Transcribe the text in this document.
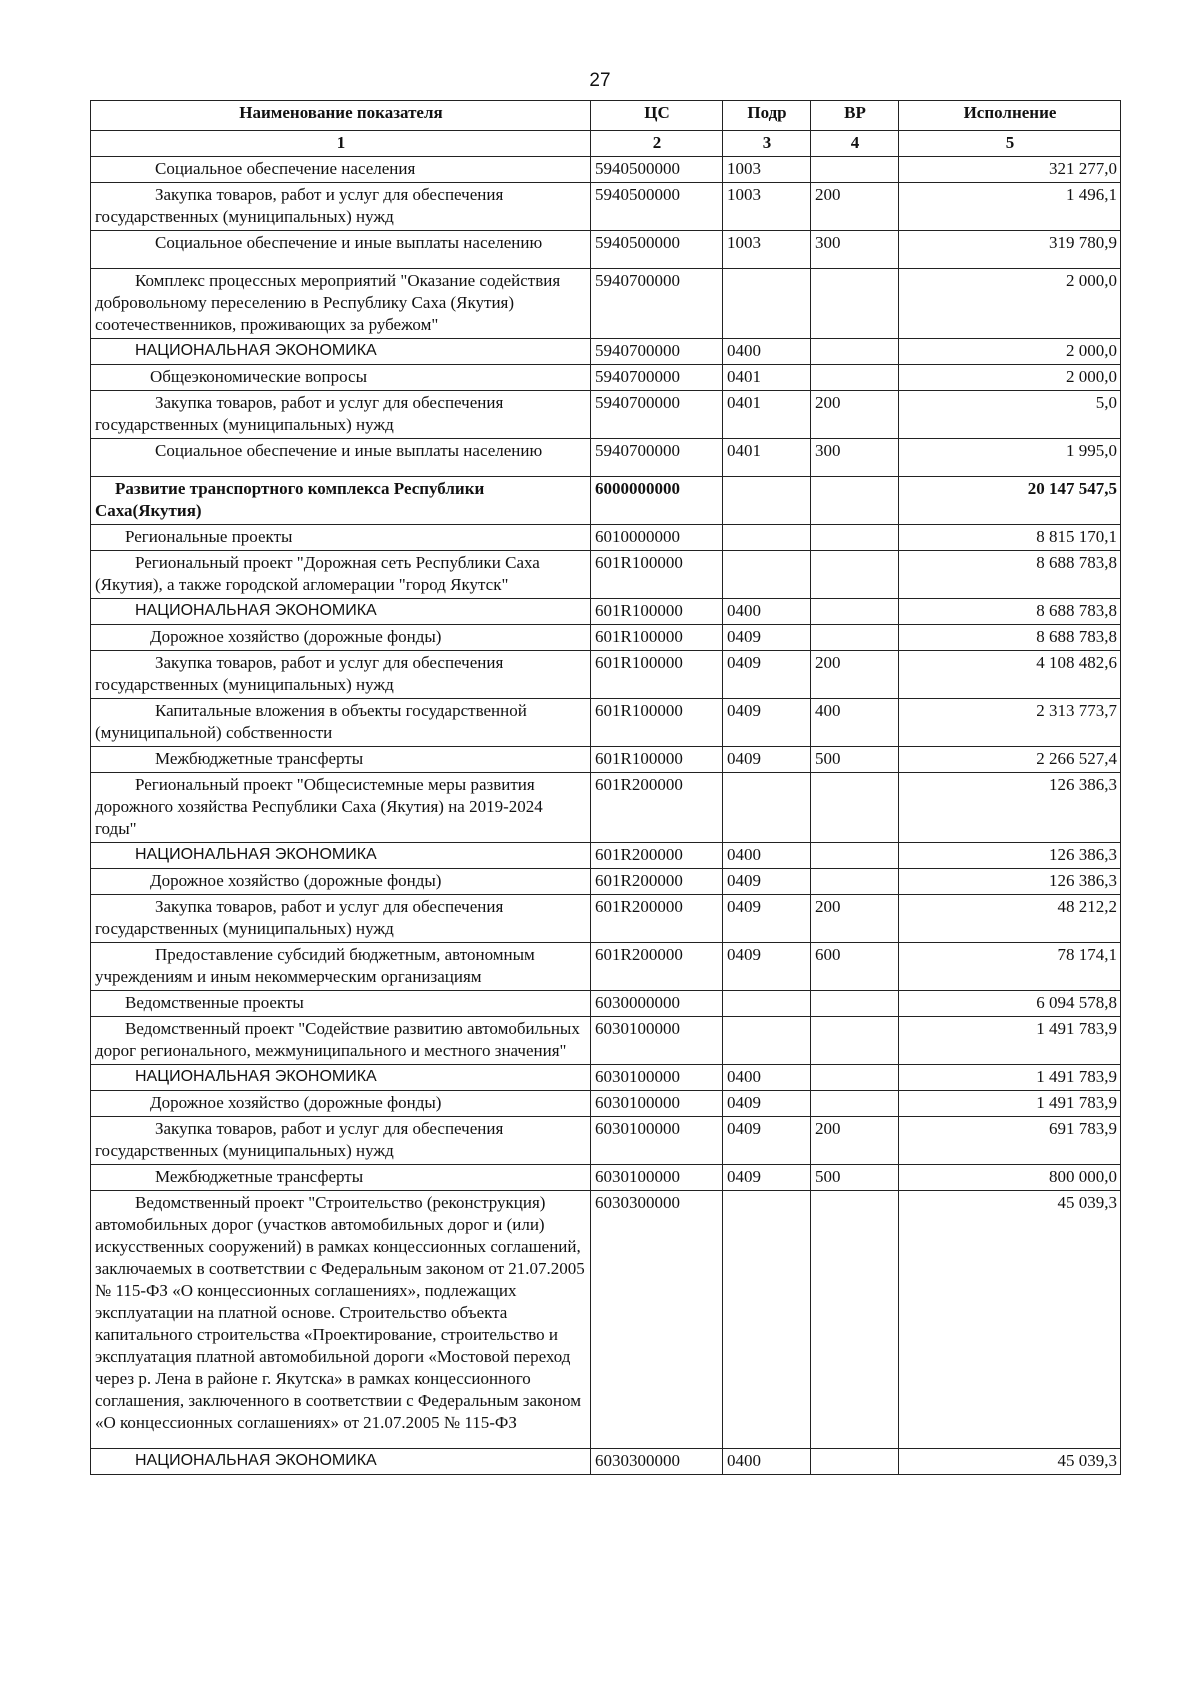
27
Наименование показателя	ЦС	Подр	ВР	Исполнение
1	2	3	4	5

Социальное обеспечение населения	5940500000	1003		321 277,0

Закупка товаров, работ и услуг для обеспечения государственных (муниципальных) нужд	5940500000	1003	200	1 496,1

Социальное обеспечение и иные выплаты населению	5940500000	1003	300	319 780,9

Комплекс процессных мероприятий "Оказание содействия добровольному переселению в Республику Саха (Якутия) соотечественников, проживающих за рубежом"	5940700000			2 000,0

НАЦИОНАЛЬНАЯ ЭКОНОМИКА	5940700000	0400		2 000,0

Общеэкономические вопросы	5940700000	0401		2 000,0

Закупка товаров, работ и услуг для обеспечения государственных (муниципальных) нужд	5940700000	0401	200	5,0

Социальное обеспечение и иные выплаты населению	5940700000	0401	300	1 995,0

Развитие транспортного комплекса Республики Саха(Якутия)	6000000000			20 147 547,5

Региональные проекты	6010000000			8 815 170,1

Региональный проект "Дорожная сеть Республики Саха (Якутия), а также городской агломерации "город Якутск"	601R100000			8 688 783,8

НАЦИОНАЛЬНАЯ ЭКОНОМИКА	601R100000	0400		8 688 783,8

Дорожное хозяйство (дорожные фонды)	601R100000	0409		8 688 783,8

Закупка товаров, работ и услуг для обеспечения государственных (муниципальных) нужд	601R100000	0409	200	4 108 482,6

Капитальные вложения в объекты государственной (муниципальной) собственности	601R100000	0409	400	2 313 773,7

Межбюджетные трансферты	601R100000	0409	500	2 266 527,4

Региональный проект "Общесистемные меры развития дорожного хозяйства Республики Саха (Якутия) на 2019-2024 годы"	601R200000			126 386,3

НАЦИОНАЛЬНАЯ ЭКОНОМИКА	601R200000	0400		126 386,3

Дорожное хозяйство (дорожные фонды)	601R200000	0409		126 386,3

Закупка товаров, работ и услуг для обеспечения государственных (муниципальных) нужд	601R200000	0409	200	48 212,2

Предоставление субсидий бюджетным, автономным учреждениям и иным некоммерческим организациям	601R200000	0409	600	78 174,1

Ведомственные проекты	6030000000			6 094 578,8

Ведомственный проект "Содействие развитию автомобильных дорог регионального, межмуниципального и местного значения"	6030100000			1 491 783,9

НАЦИОНАЛЬНАЯ ЭКОНОМИКА	6030100000	0400		1 491 783,9

Дорожное хозяйство (дорожные фонды)	6030100000	0409		1 491 783,9

Закупка товаров, работ и услуг для обеспечения государственных (муниципальных) нужд	6030100000	0409	200	691 783,9

Межбюджетные трансферты	6030100000	0409	500	800 000,0

Ведомственный проект "Строительство (реконструкция) автомобильных дорог (участков автомобильных дорог и (или) искусственных сооружений) в рамках концессионных соглашений, заключаемых в соответствии с Федеральным законом от 21.07.2005 № 115-ФЗ «О концессионных соглашениях», подлежащих эксплуатации на платной основе. Строительство объекта капитального строительства «Проектирование, строительство и эксплуатация платной автомобильной дороги «Мостовой переход через р. Лена в районе г. Якутска» в рамках концессионного соглашения, заключенного в соответствии с Федеральным законом «О концессионных соглашениях» от 21.07.2005 № 115-ФЗ	6030300000			45 039,3

НАЦИОНАЛЬНАЯ ЭКОНОМИКА	6030300000	0400		45 039,3
